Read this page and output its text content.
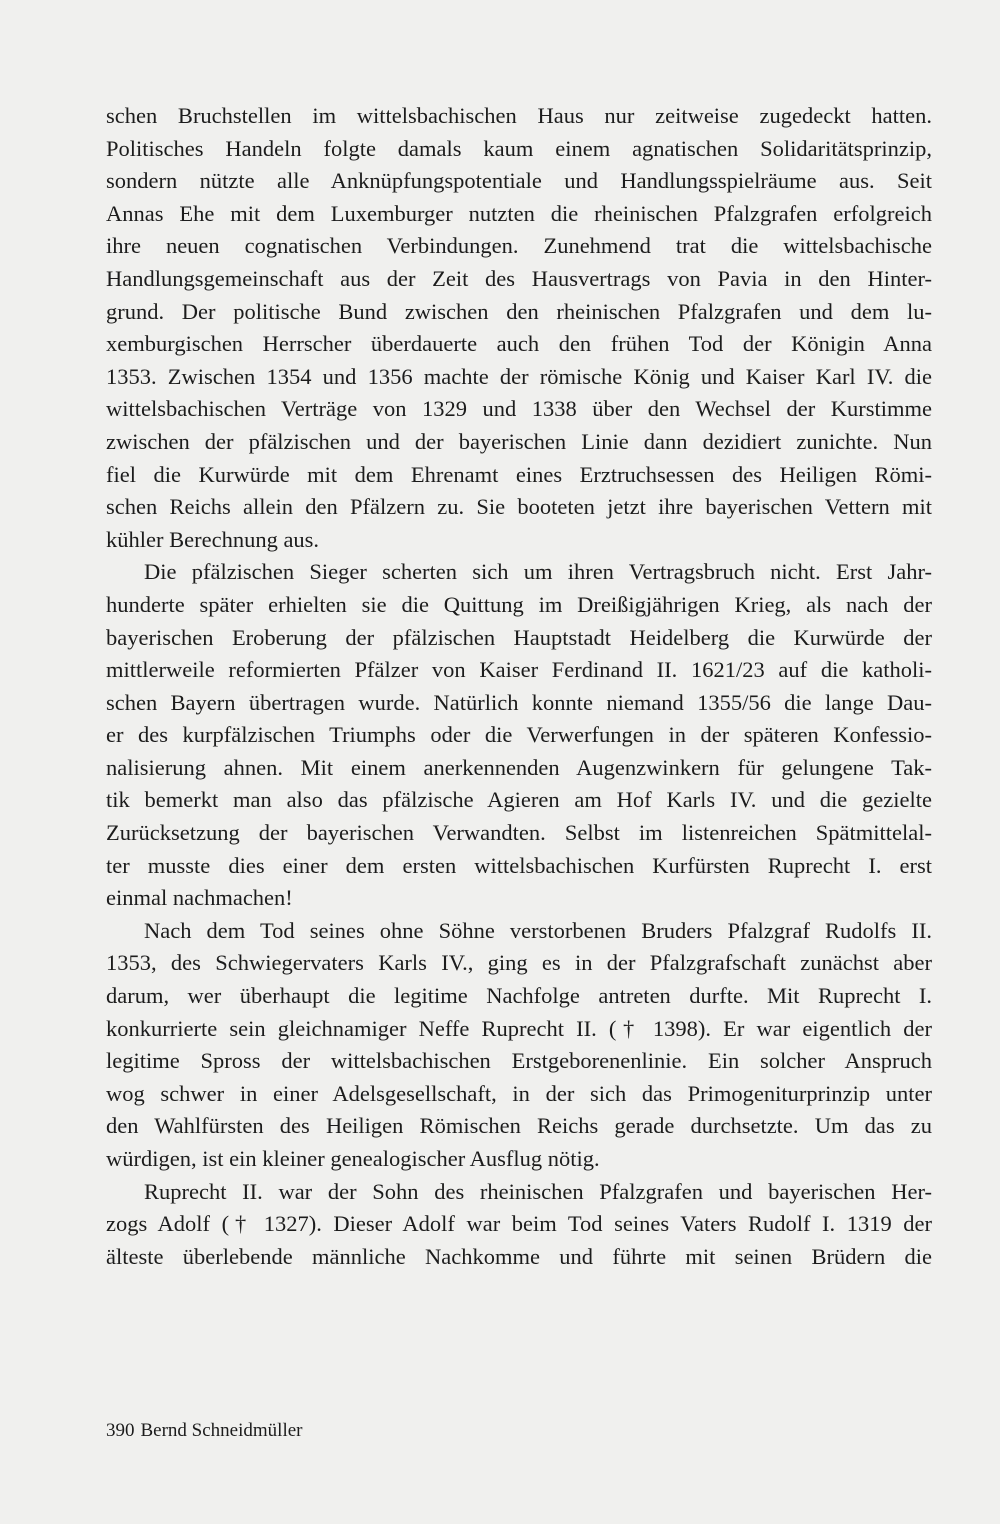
schen Bruchstellen im wittelsbachischen Haus nur zeitweise zugedeckt hatten.
Politisches Handeln folgte damals kaum einem agnatischen Solidaritätsprinzip,
sondern nützte alle Anknüpfungspotentiale und Handlungsspielräume aus. Seit
Annas Ehe mit dem Luxemburger nutzten die rheinischen Pfalzgrafen erfolgreich
ihre neuen cognatischen Verbindungen. Zunehmend trat die wittelsbachische
Handlungsgemeinschaft aus der Zeit des Hausvertrags von Pavia in den Hinter-
grund. Der politische Bund zwischen den rheinischen Pfalzgrafen und dem lu-
xemburgischen Herrscher überdauerte auch den frühen Tod der Königin Anna
1353. Zwischen 1354 und 1356 machte der römische König und Kaiser Karl IV. die
wittelsbachischen Verträge von 1329 und 1338 über den Wechsel der Kurstimme
zwischen der pfälzischen und der bayerischen Linie dann dezidiert zunichte. Nun
fiel die Kurwürde mit dem Ehrenamt eines Erztruchsessen des Heiligen Römi-
schen Reichs allein den Pfälzern zu. Sie booteten jetzt ihre bayerischen Vettern mit
kühler Berechnung aus.
Die pfälzischen Sieger scherten sich um ihren Vertragsbruch nicht. Erst Jahr-
hunderte später erhielten sie die Quittung im Dreißigjährigen Krieg, als nach der
bayerischen Eroberung der pfälzischen Hauptstadt Heidelberg die Kurwürde der
mittlerweile reformierten Pfälzer von Kaiser Ferdinand II. 1621/23 auf die katholi-
schen Bayern übertragen wurde. Natürlich konnte niemand 1355/56 die lange Dau-
er des kurpfälzischen Triumphs oder die Verwerfungen in der späteren Konfessio-
nalisierung ahnen. Mit einem anerkennenden Augenzwinkern für gelungene Tak-
tik bemerkt man also das pfälzische Agieren am Hof Karls IV. und die gezielte
Zurücksetzung der bayerischen Verwandten. Selbst im listenreichen Spätmittelal-
ter musste dies einer dem ersten wittelsbachischen Kurfürsten Ruprecht I. erst
einmal nachmachen!
Nach dem Tod seines ohne Söhne verstorbenen Bruders Pfalzgraf Rudolfs II.
1353, des Schwiegervaters Karls IV., ging es in der Pfalzgrafschaft zunächst aber
darum, wer überhaupt die legitime Nachfolge antreten durfte. Mit Ruprecht I.
konkurrierte sein gleichnamiger Neffe Ruprecht II. († 1398). Er war eigentlich der
legitime Spross der wittelsbachischen Erstgeborenenlinie. Ein solcher Anspruch
wog schwer in einer Adelsgesellschaft, in der sich das Primogeniturprinzip unter
den Wahlfürsten des Heiligen Römischen Reichs gerade durchsetzte. Um das zu
würdigen, ist ein kleiner genealogischer Ausflug nötig.
Ruprecht II. war der Sohn des rheinischen Pfalzgrafen und bayerischen Her-
zogs Adolf († 1327). Dieser Adolf war beim Tod seines Vaters Rudolf I. 1319 der
älteste überlebende männliche Nachkomme und führte mit seinen Brüdern die
390 Bernd Schneidmüller
